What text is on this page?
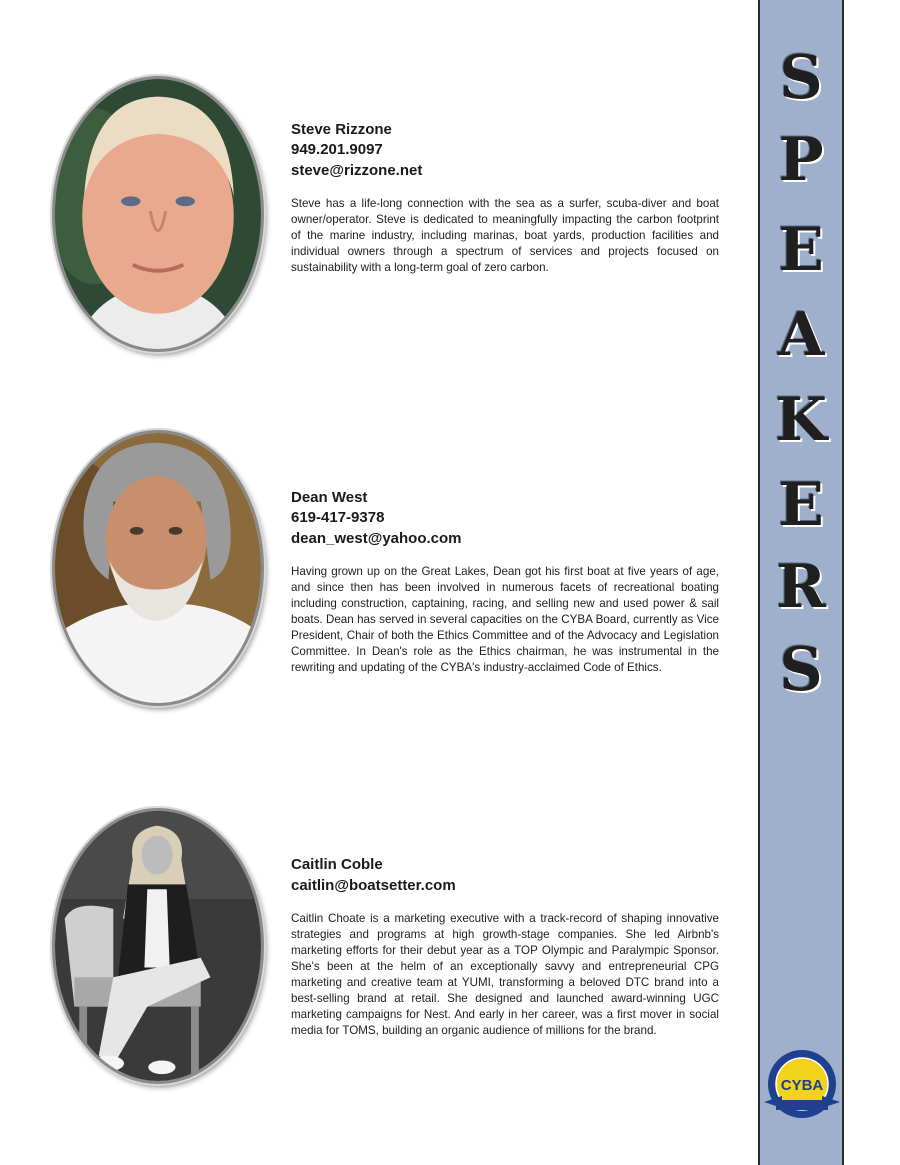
S
P
E
A
K
E
R
S

Steve Rizzone

949.201.9097

steve@rizzone.net

Steve has a life-long connection with the sea as a surfer, scuba-diver and boat owner/operator. Steve is dedicated to meaningfully impacting the carbon footprint of the marine industry, including marinas, boat yards, production facilities and individual owners through a spectrum of services and projects focused on sustainability with a long-term goal of zero carbon.

Dean West

619-417-9378

dean_west@yahoo.com

Having grown up on the Great Lakes, Dean got his first boat at five years of age, and since then has been involved in numerous facets of recreational boating including construction, captaining, racing, and selling new and used power & sail boats. Dean has served in several capacities on the CYBA Board, currently as Vice President, Chair of both the Ethics Committee and of the Advocacy and Legislation Committee. In Dean's role as the Ethics chairman, he was instrumental in the rewriting and updating of the CYBA's industry-acclaimed Code of Ethics.

Caitlin Coble

caitlin@boatsetter.com

Caitlin Choate is a marketing executive with a track-record of shaping innovative strategies and programs at high growth-stage companies. She led Airbnb's marketing efforts for their debut year as a TOP Olympic and Paralympic Sponsor. She's been at the helm of an exceptionally savvy and entrepreneurial CPG marketing and creative team at YUMI, transforming a beloved DTC brand into a best-selling brand at retail. She designed and launched award-winning UGC marketing campaigns for Nest. And early in her career, was a first mover in social media for TOMS, building an organic audience of millions for the brand.

CYBA
